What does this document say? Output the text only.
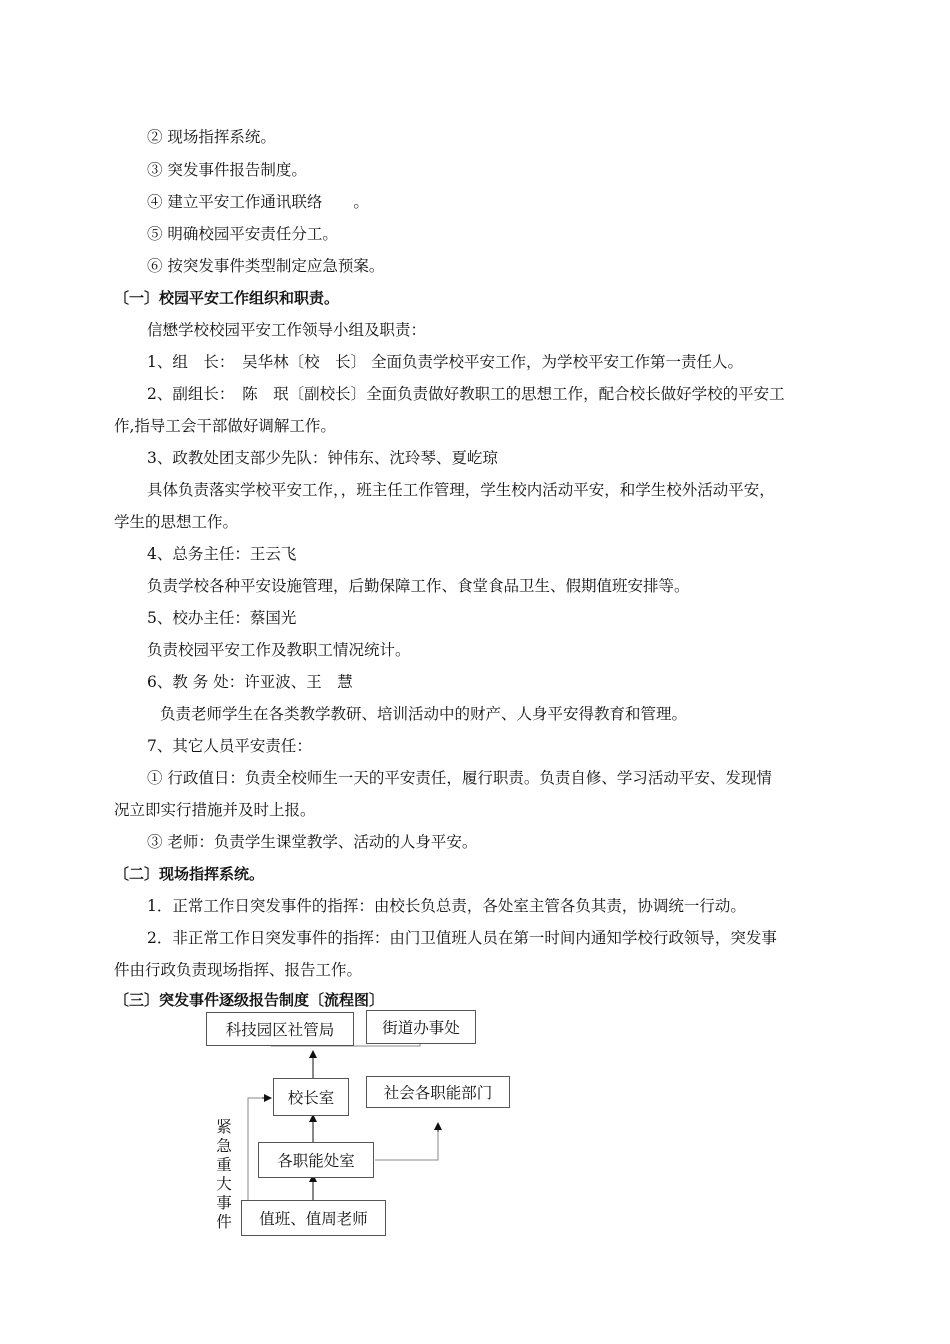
② 现场指挥系统。
③ 突发事件报告制度。
④ 建立平安工作通讯联络　　。
⑤ 明确校园平安责任分工。
⑥ 按突发事件类型制定应急预案。
〔一〕校园平安工作组织和职责。
信懋学校校园平安工作领导小组及职责：
1、组　长：　吴华林〔校　长〕 全面负责学校平安工作，为学校平安工作第一责任人。
2、副组长：　陈　珉〔副校长〕全面负责做好教职工的思想工作，配合校长做好学校的平安工
作,指导工会干部做好调解工作。
3、政教处团支部少先队：钟伟东、沈玲琴、夏屹琼
具体负责落实学校平安工作，，班主任工作管理，学生校内活动平安，和学生校外活动平安，
学生的思想工作。
4、总务主任：王云飞
负责学校各种平安设施管理，后勤保障工作、食堂食品卫生、假期值班安排等。
5、校办主任：蔡国光
负责校园平安工作及教职工情况统计。
6、教 务 处：许亚波、王　慧
负责老师学生在各类教学教研、培训活动中的财产、人身平安得教育和管理。
7、其它人员平安责任：
① 行政值日：负责全校师生一天的平安责任，履行职责。负责自修、学习活动平安、发现情
况立即实行措施并及时上报。
③ 老师：负责学生课堂教学、活动的人身平安。
〔二〕现场指挥系统。
1．正常工作日突发事件的指挥：由校长负总责，各处室主管各负其责，协调统一行动。
2．非正常工作日突发事件的指挥：由门卫值班人员在第一时间内通知学校行政领导，突发事
件由行政负责现场指挥、报告工作。
〔三〕突发事件逐级报告制度〔流程图〕
科技园区社管局	街道办事处
校长室	社会各职能部门
各职能处室
值班、值周老师
紧
急
重
大
事
件
